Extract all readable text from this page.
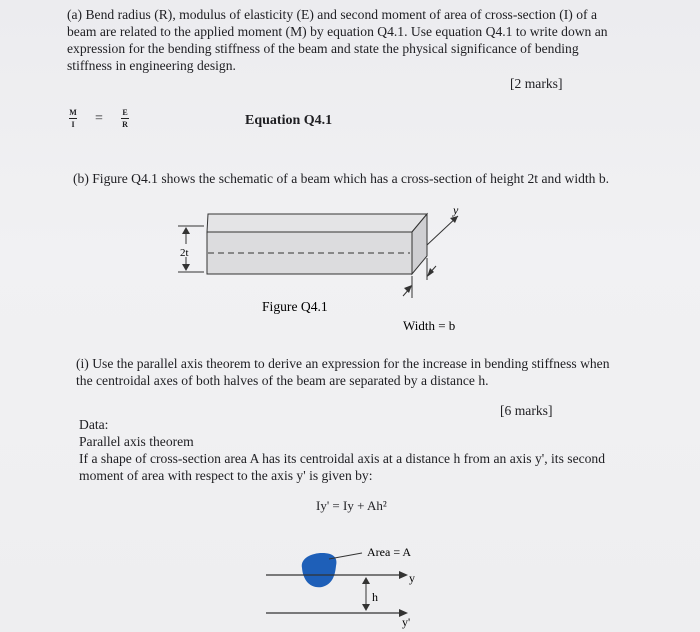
(a) Bend radius (R), modulus of elasticity (E) and second moment of area of cross-section (I) of a
beam are related to the applied moment (M) by equation Q4.1. Use equation Q4.1 to write down an
expression for the bending stiffness of the beam and state the physical significance of bending
stiffness in engineering design.
[2 marks]
M
I = E
R	Equation Q4.1
(b) Figure Q4.1 shows the schematic of a beam which has a cross-section of height 2t and width b.
2t
y
Figure Q4.1
Width = b
(i) Use the parallel axis theorem to derive an expression for the increase in bending stiffness when
the centroidal axes of both halves of the beam are separated by a distance h.
[6 marks]
Data:
Parallel axis theorem
If a shape of cross-section area A has its centroidal axis at a distance h from an axis y', its second
moment of area with respect to the axis y' is given by:
Iy' = Iy + Ah²
Area = A
y
h
y'
